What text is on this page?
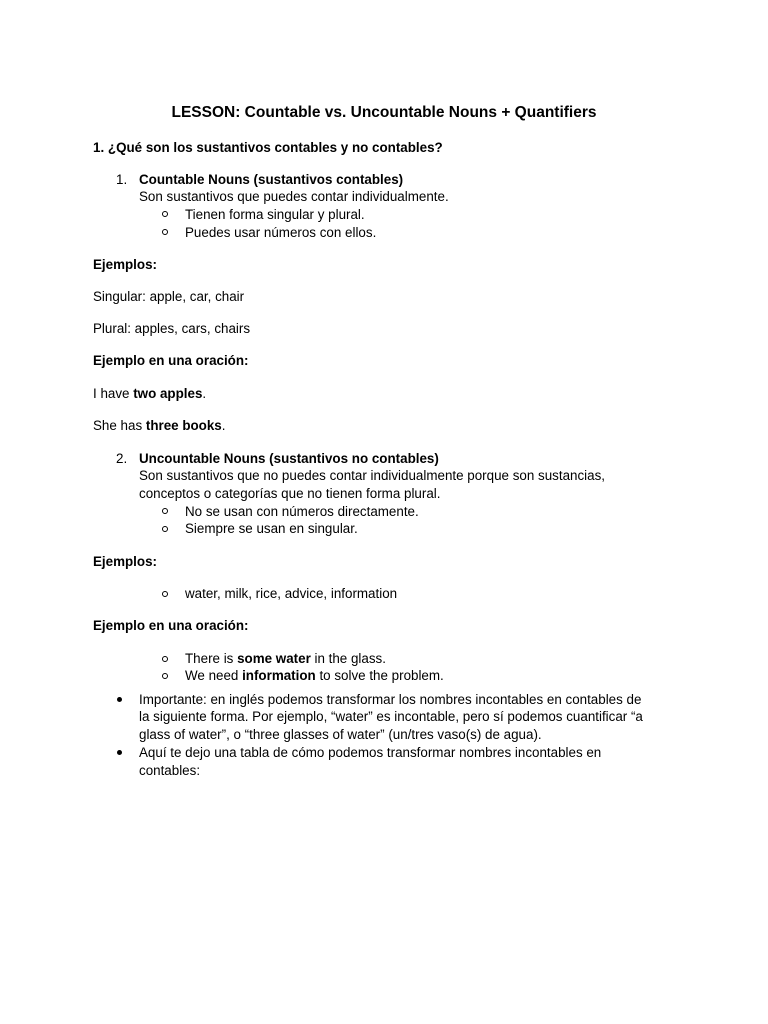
LESSON: Countable vs. Uncountable Nouns + Quantifiers
1. ¿Qué son los sustantivos contables y no contables?
1. Countable Nouns (sustantivos contables)
Son sustantivos que puedes contar individualmente.
Tienen forma singular y plural.
Puedes usar números con ellos.
Ejemplos:
Singular: apple, car, chair
Plural: apples, cars, chairs
Ejemplo en una oración:
I have two apples.
She has three books.
2. Uncountable Nouns (sustantivos no contables)
Son sustantivos que no puedes contar individualmente porque son sustancias,
conceptos o categorías que no tienen forma plural.
No se usan con números directamente.
Siempre se usan en singular.
Ejemplos:
water, milk, rice, advice, information
Ejemplo en una oración:
There is some water in the glass.
We need information to solve the problem.
Importante: en inglés podemos transformar los nombres incontables en contables de
la siguiente forma. Por ejemplo, “water” es incontable, pero sí podemos cuantificar “a
glass of water”, o “three glasses of water” (un/tres vaso(s) de agua).
Aquí te dejo una tabla de cómo podemos transformar nombres incontables en
contables:
